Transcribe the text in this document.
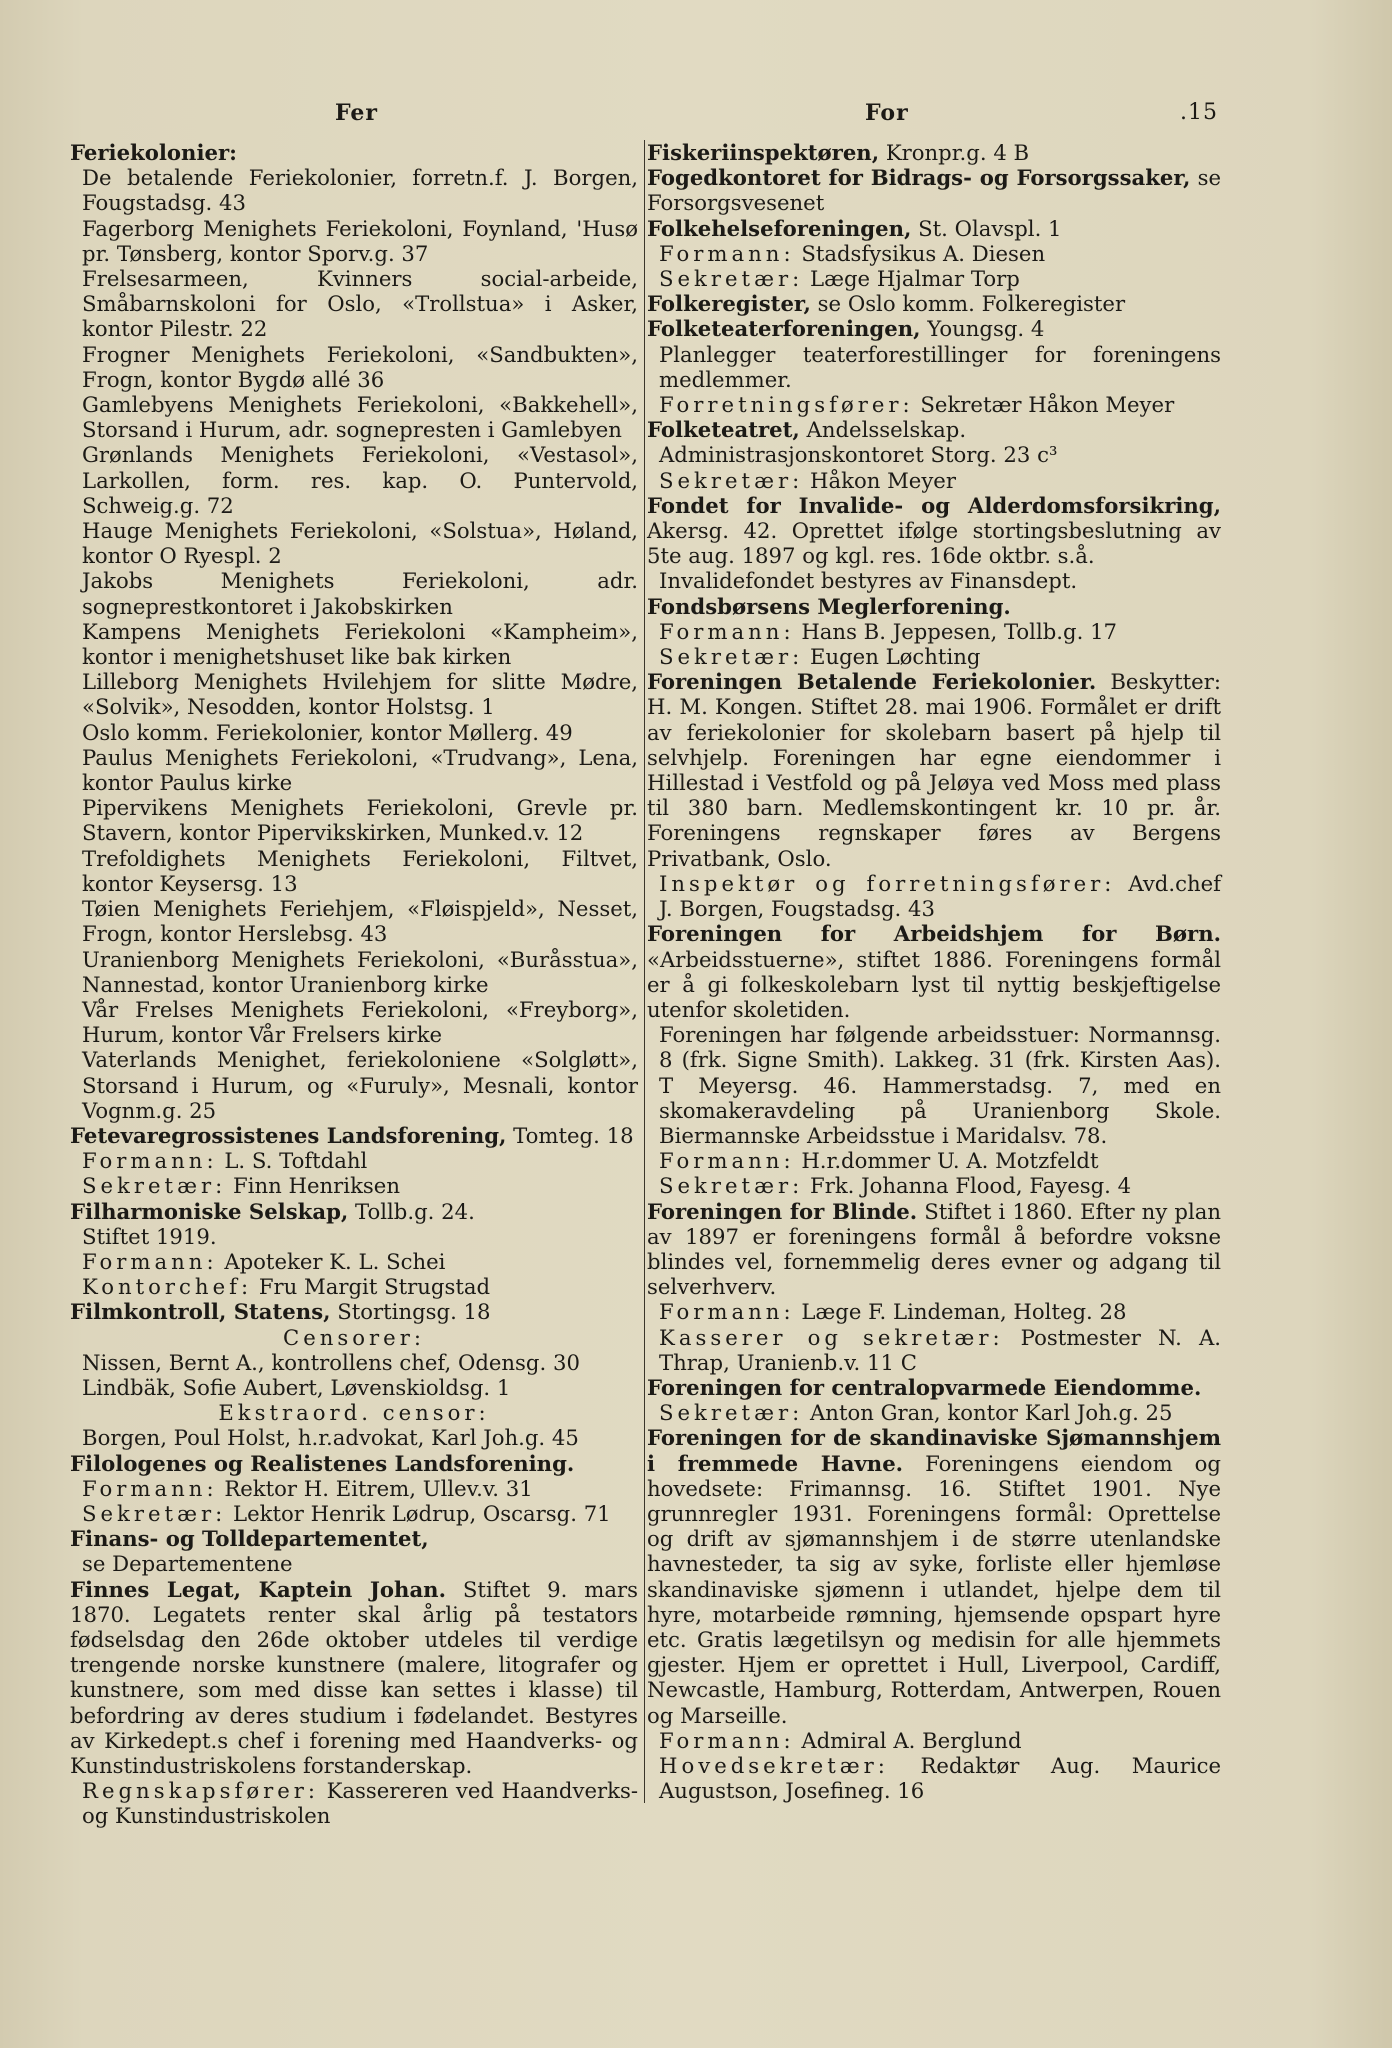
Fer	For	.15

Feriekolonier:

De betalende Feriekolonier, forretn.f. J. Borgen, Fougstadsg. 43

Fagerborg Menighets Feriekoloni, Foynland, 'Husø pr. Tønsberg, kontor Sporv.g. 37

Frelsesarmeen, Kvinners social-arbeide, Småbarnskoloni for Oslo, «Trollstua» i Asker, kontor Pilestr. 22

Frogner Menighets Feriekoloni, «Sandbukten», Frogn, kontor Bygdø allé 36

Gamlebyens Menighets Feriekoloni, «Bakkehell», Storsand i Hurum, adr. sognepresten i Gamlebyen

Grønlands Menighets Feriekoloni, «Vestasol», Larkollen, form. res. kap. O. Puntervold, Schweig.g. 72

Hauge Menighets Feriekoloni, «Solstua», Høland, kontor O Ryespl. 2

Jakobs Menighets Feriekoloni, adr. sogneprestkontoret i Jakobskirken

Kampens Menighets Feriekoloni «Kampheim», kontor i menighetshuset like bak kirken

Lilleborg Menighets Hvilehjem for slitte Mødre, «Solvik», Nesodden, kontor Holstsg. 1

Oslo komm. Feriekolonier, kontor Møllerg. 49

Paulus Menighets Feriekoloni, «Trudvang», Lena, kontor Paulus kirke

Pipervikens Menighets Feriekoloni, Grevle pr. Stavern, kontor Pipervikskirken, Munked.v. 12

Trefoldighets Menighets Feriekoloni, Filtvet, kontor Keysersg. 13

Tøien Menighets Feriehjem, «Fløispjeld», Nesset, Frogn, kontor Herslebsg. 43

Uranienborg Menighets Feriekoloni, «Buråsstua», Nannestad, kontor Uranienborg kirke

Vår Frelses Menighets Feriekoloni, «Freyborg», Hurum, kontor Vår Frelsers kirke

Vaterlands Menighet, feriekoloniene «Solgløtt», Storsand i Hurum, og «Furuly», Mesnali, kontor Vognm.g. 25

Fetevaregrossistenes Landsforening, Tomteg. 18

Formann: L. S. Toftdahl

Sekretær: Finn Henriksen

Filharmoniske Selskap, Tollb.g. 24.

Stiftet 1919.

Formann: Apoteker K. L. Schei

Kontorchef: Fru Margit Strugstad

Filmkontroll, Statens, Stortingsg. 18

Censorer:

Nissen, Bernt A., kontrollens chef, Odensg. 30

Lindbäk, Sofie Aubert, Løvenskioldsg. 1

Ekstraord. censor:

Borgen, Poul Holst, h.r.advokat, Karl Joh.g. 45

Filologenes og Realistenes Landsforening.

Formann: Rektor H. Eitrem, Ullev.v. 31

Sekretær: Lektor Henrik Lødrup, Oscarsg. 71

Finans- og Tolldepartementet,

se Departementene

Finnes Legat, Kaptein Johan. Stiftet 9. mars 1870. Legatets renter skal årlig på testators fødselsdag den 26de oktober utdeles til verdige trengende norske kunstnere (malere, litografer og kunstnere, som med disse kan settes i klasse) til befordring av deres studium i fødelandet. Bestyres av Kirkedept.s chef i forening med Haandverks- og Kunstindustriskolens forstanderskap.

Regnskapsfører: Kassereren ved Haandverks- og Kunstindustriskolen

Fiskeriinspektøren, Kronpr.g. 4 B

Fogedkontoret for Bidrags- og Forsorgssaker, se Forsorgsvesenet

Folkehelseforeningen, St. Olavspl. 1

Formann: Stadsfysikus A. Diesen

Sekretær: Læge Hjalmar Torp

Folkeregister, se Oslo komm. Folkeregister

Folketeaterforeningen, Youngsg. 4

Planlegger teaterforestillinger for foreningens medlemmer.

Forretningsfører: Sekretær Håkon Meyer

Folketeatret, Andelsselskap.

Administrasjonskontoret Storg. 23 c³

Sekretær: Håkon Meyer

Fondet for Invalide- og Alderdomsforsikring, Akersg. 42. Oprettet ifølge stortingsbeslutning av 5te aug. 1897 og kgl. res. 16de oktbr. s.å.

Invalidefondet bestyres av Finansdept.

Fondsbørsens Meglerforening.

Formann: Hans B. Jeppesen, Tollb.g. 17

Sekretær: Eugen Løchting

Foreningen Betalende Feriekolonier. Beskytter: H. M. Kongen. Stiftet 28. mai 1906. Formålet er drift av feriekolonier for skolebarn basert på hjelp til selvhjelp. Foreningen har egne eiendommer i Hillestad i Vestfold og på Jeløya ved Moss med plass til 380 barn. Medlemskontingent kr. 10 pr. år. Foreningens regnskaper føres av Bergens Privatbank, Oslo.

Inspektør og forretningsfører: Avd.chef J. Borgen, Fougstadsg. 43

Foreningen for Arbeidshjem for Børn. «Arbeidsstuerne», stiftet 1886. Foreningens formål er å gi folkeskolebarn lyst til nyttig beskjeftigelse utenfor skoletiden.

Foreningen har følgende arbeidsstuer: Normannsg. 8 (frk. Signe Smith). Lakkeg. 31 (frk. Kirsten Aas). T Meyersg. 46. Hammerstadsg. 7, med en skomakeravdeling på Uranienborg Skole. Biermannske Arbeidsstue i Maridalsv. 78.

Formann: H.r.dommer U. A. Motzfeldt

Sekretær: Frk. Johanna Flood, Fayesg. 4

Foreningen for Blinde. Stiftet i 1860. Efter ny plan av 1897 er foreningens formål å befordre voksne blindes vel, fornemmelig deres evner og adgang til selverhverv.

Formann: Læge F. Lindeman, Holteg. 28

Kasserer og sekretær: Postmester N. A. Thrap, Uranienb.v. 11 C

Foreningen for centralopvarmede Eiendomme.

Sekretær: Anton Gran, kontor Karl Joh.g. 25

Foreningen for de skandinaviske Sjømannshjem i fremmede Havne. Foreningens eiendom og hovedsete: Frimannsg. 16. Stiftet 1901. Nye grunnregler 1931. Foreningens formål: Oprettelse og drift av sjømannshjem i de større utenlandske havnesteder, ta sig av syke, forliste eller hjemløse skandinaviske sjømenn i utlandet, hjelpe dem til hyre, motarbeide rømning, hjemsende opspart hyre etc. Gratis lægetilsyn og medisin for alle hjemmets gjester. Hjem er oprettet i Hull, Liverpool, Cardiff, Newcastle, Hamburg, Rotterdam, Antwerpen, Rouen og Marseille.

Formann: Admiral A. Berglund

Hovedsekretær: Redaktør Aug. Maurice Augustson, Josefineg. 16
